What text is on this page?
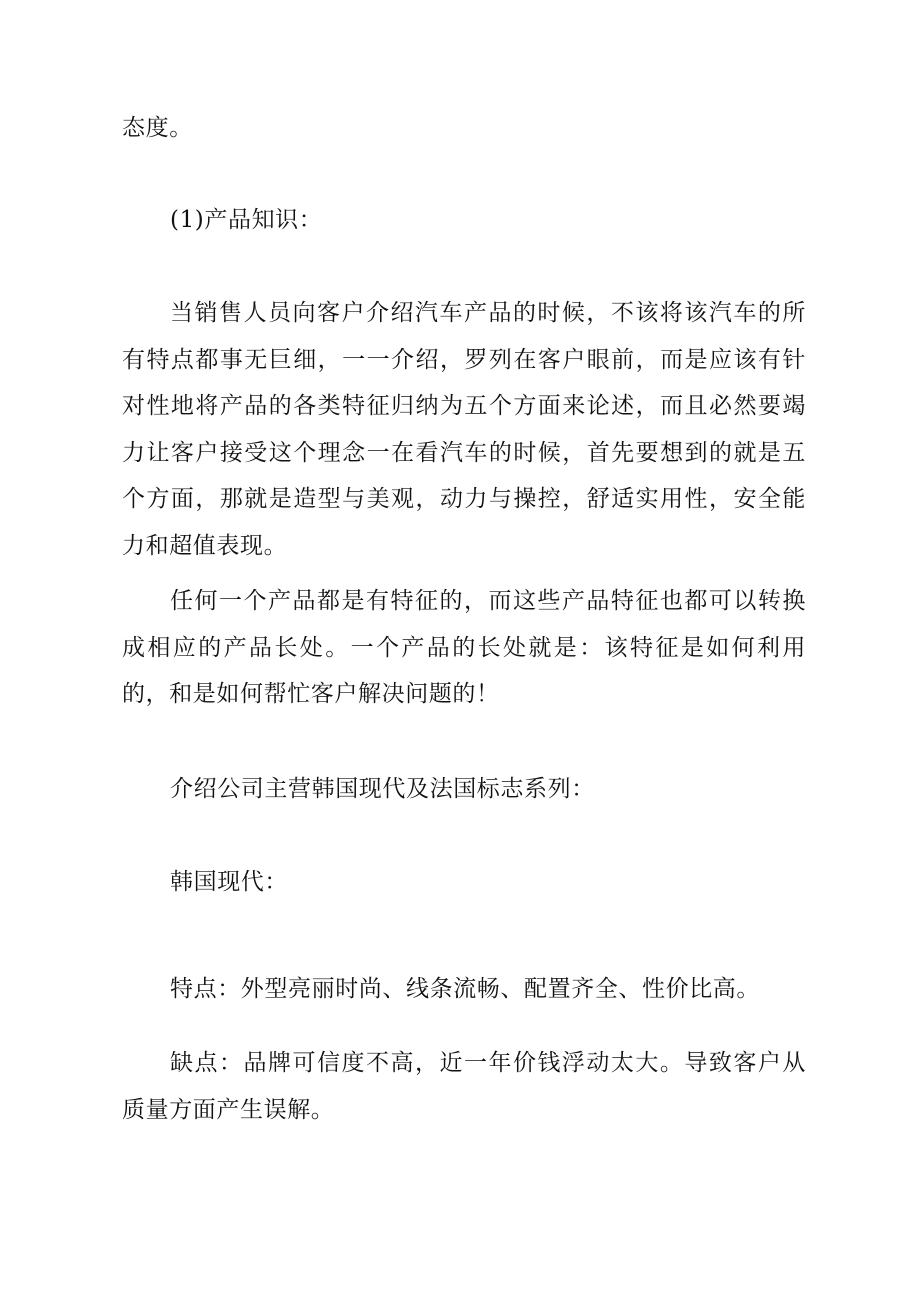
态度。

(1)产品知识：

当销售人员向客户介绍汽车产品的时候，不该将该汽车的所有特点都事无巨细，一一介绍，罗列在客户眼前，而是应该有针对性地将产品的各类特征归纳为五个方面来论述，而且必然要竭力让客户接受这个理念一在看汽车的时候，首先要想到的就是五个方面，那就是造型与美观，动力与操控，舒适实用性，安全能力和超值表现。

任何一个产品都是有特征的，而这些产品特征也都可以转换成相应的产品长处。一个产品的长处就是：该特征是如何利用的，和是如何帮忙客户解决问题的！

介绍公司主营韩国现代及法国标志系列：

韩国现代：

特点：外型亮丽时尚、线条流畅、配置齐全、性价比高。

缺点：品牌可信度不高，近一年价钱浮动太大。导致客户从质量方面产生误解。
